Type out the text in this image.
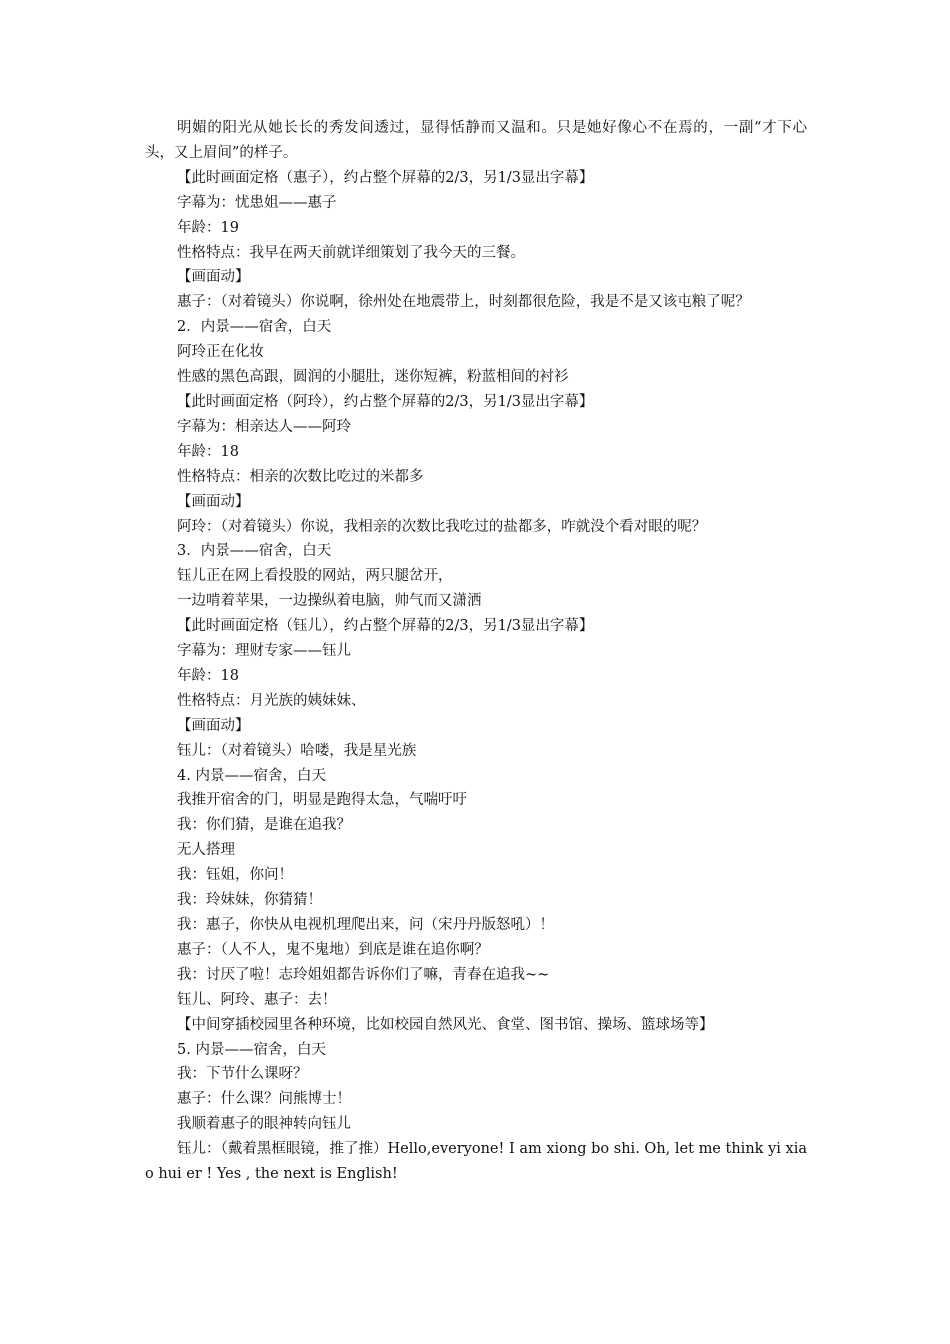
明媚的阳光从她长长的秀发间透过，显得恬静而又温和。只是她好像心不在焉的，一副“才下心头，又上眉间”的样子。

【此时画面定格（惠子），约占整个屏幕的2/3，另1/3显出字幕】

字幕为：忧患姐——惠子

年龄：19

性格特点：我早在两天前就详细策划了我今天的三餐。

【画面动】

惠子：（对着镜头）你说啊，徐州处在地震带上，时刻都很危险，我是不是又该屯粮了呢？

2．内景——宿舍，白天

阿玲正在化妆

性感的黑色高跟，圆润的小腿肚，迷你短裤，粉蓝相间的衬衫

【此时画面定格（阿玲），约占整个屏幕的2/3，另1/3显出字幕】

字幕为：相亲达人——阿玲

年龄：18

性格特点：相亲的次数比吃过的米都多

【画面动】

阿玲：（对着镜头）你说，我相亲的次数比我吃过的盐都多，咋就没个看对眼的呢？

3．内景——宿舍，白天

钰儿正在网上看投股的网站，两只腿岔开，

一边啃着苹果，一边操纵着电脑，帅气而又潇洒

【此时画面定格（钰儿），约占整个屏幕的2/3，另1/3显出字幕】

字幕为：理财专家——钰儿

年龄：18

性格特点：月光族的姨妹妹、

【画面动】

钰儿：（对着镜头）哈喽，我是星光族

4. 内景——宿舍，白天

我推开宿舍的门，明显是跑得太急，气喘吁吁

我：你们猜，是谁在追我？

无人搭理

我：钰姐，你问！

我：玲妹妹，你猜猜！

我：惠子，你快从电视机理爬出来，问（宋丹丹版怒吼）！

惠子：（人不人，鬼不鬼地）到底是谁在追你啊？

我：讨厌了啦！志玲姐姐都告诉你们了嘛，青春在追我~~

钰儿、阿玲、惠子：去！

【中间穿插校园里各种环境，比如校园自然风光、食堂、图书馆、操场、篮球场等】

5. 内景——宿舍，白天

我：下节什么课呀？

惠子：什么课？问熊博士！

我顺着惠子的眼神转向钰儿

钰儿：（戴着黑框眼镜，推了推）Hello,everyone! I am xiong bo shi. Oh, let me think yi xiao hui er ! Yes , the next is English!
